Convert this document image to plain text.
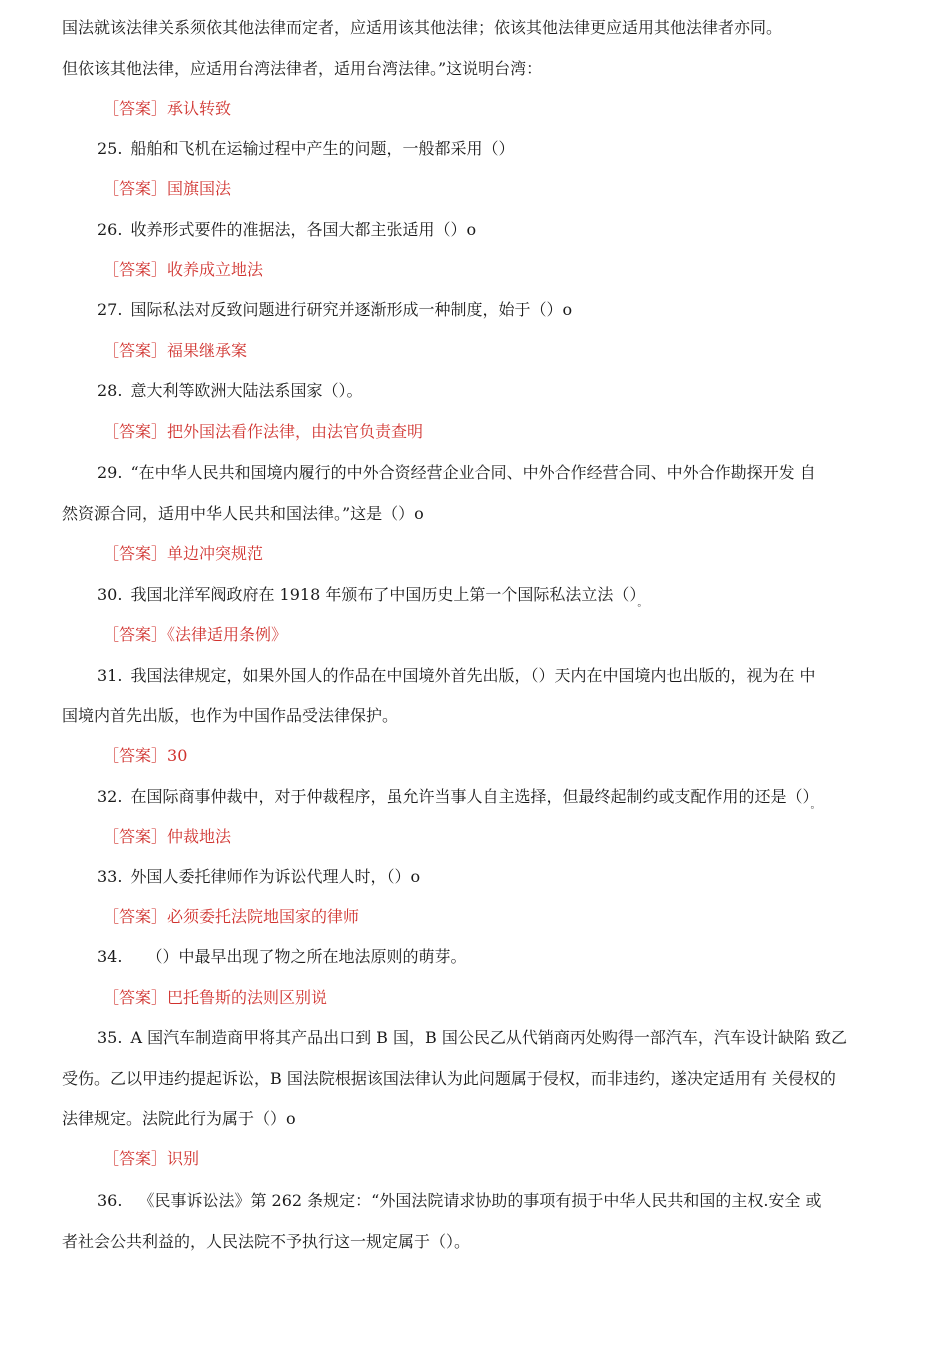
国法就该法律关系须依其他法律而定者，应适用该其他法律；依该其他法律更应适用其他法律者亦同。
但依该其他法律，应适用台湾法律者，适用台湾法律。”这说明台湾：
［答案］承认转致
25. 船舶和飞机在运输过程中产生的问题，一般都采用（）
［答案］国旗国法
26. 收养形式要件的准据法，各国大都主张适用（）o
［答案］收养成立地法
27. 国际私法对反致问题进行研究并逐渐形成一种制度，始于（）o
［答案］福果继承案
28. 意大利等欧洲大陆法系国家（）。
［答案］把外国法看作法律，由法官负责查明
29. “在中华人民共和国境内履行的中外合资经营企业合同、中外合作经营合同、中外合作勘探开发 自
然资源合同，适用中华人民共和国法律。”这是（）o
［答案］单边冲突规范
30. 我国北洋军阀政府在 1918 年颁布了中国历史上第一个国际私法立法$()_。$
［答案］《法律适用条例》
31. 我国法律规定，如果外国人的作品在中国境外首先出版，（）天内在中国境内也出版的，视为在 中
国境内首先出版，也作为中国作品受法律保护。
［答案］30
32. 在国际商事仲裁中，对于仲裁程序，虽允许当事人自主选择，但最终起制约或支配作用的还是$()_。$
［答案］仲裁地法
33. 外国人委托律师作为诉讼代理人时，（）o
［答案］必须委托法院地国家的律师
34. （）中最早出现了物之所在地法原则的萌芽。
［答案］巴托鲁斯的法则区别说
35. A 国汽车制造商甲将其产品出口到 B 国，B 国公民乙从代销商丙处购得一部汽车，汽车设计缺陷 致乙
受伤。乙以甲违约提起诉讼，B 国法院根据该国法律认为此问题属于侵权，而非违约，遂决定适用有 关侵权的
法律规定。法院此行为属于（）o
［答案］识别
36. 《民事诉讼法》第 262 条规定：“外国法院请求协助的事项有损于中华人民共和国的主权.安全 或
者社会公共利益的，人民法院不予执行这一规定属于（）。
